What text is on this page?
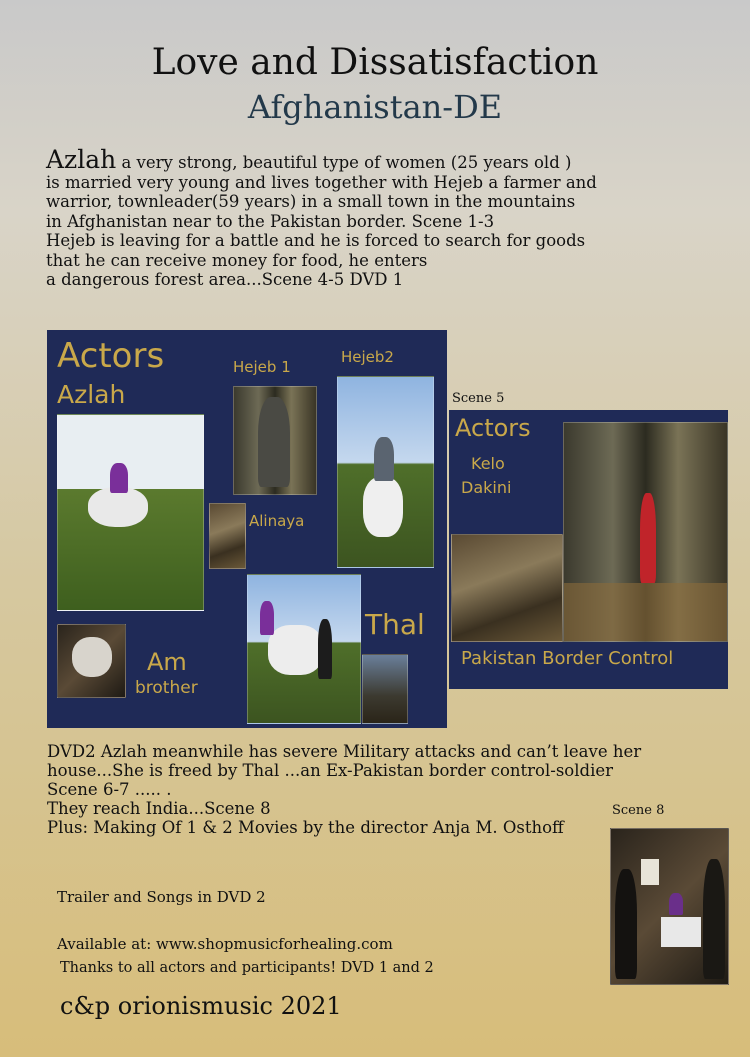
Love and Dissatisfaction
Afghanistan-DE
Azlah a very strong, beautiful type of women (25 years old )
is married very young and lives together with Hejeb a farmer and
warrior, townleader(59 years) in a small town in the mountains
in Afghanistan near to the Pakistan border. Scene 1-3
Hejeb is leaving for a battle and he is forced to search for goods
that he can receive money for food, he enters
a dangerous forest area...Scene 4-5 DVD 1
Actors
Azlah
Hejeb 1
Hejeb2
Alinaya
Thal
Am
brother
Scene 5
Actors
Kelo
Dakini
Pakistan Border Control
DVD2 Azlah meanwhile has severe Military attacks and can’t leave her
house...She is freed by Thal ...an Ex-Pakistan border control-soldier
Scene 6-7 ..... .
They reach India...Scene 8
Plus: Making Of 1 & 2 Movies by the director Anja M. Osthoff
Scene 8
Trailer and Songs in DVD 2
Available at: www.shopmusicforhealing.com
Thanks to all actors and participants! DVD 1 and 2
c&p orionismusic 2021
